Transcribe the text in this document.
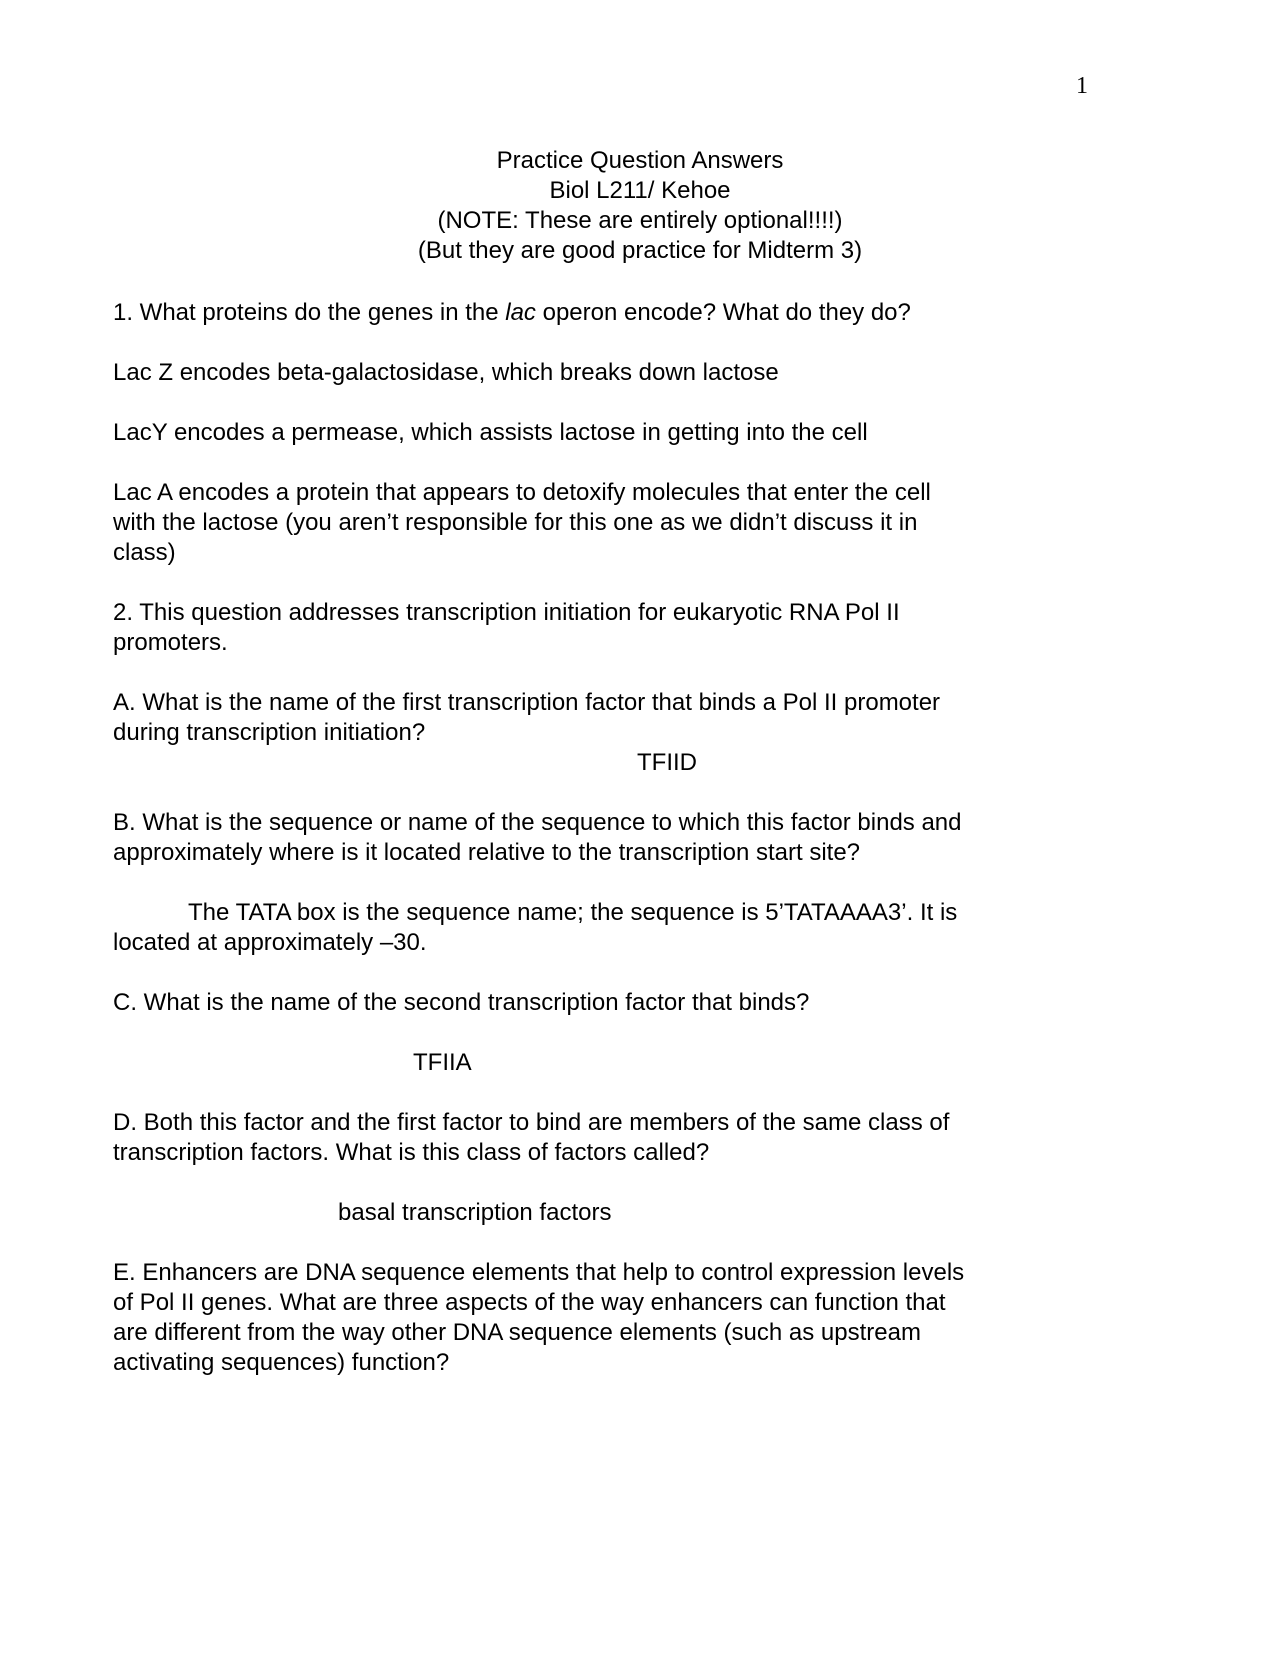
1
Practice Question Answers
Biol L211/ Kehoe
(NOTE: These are entirely optional!!!!)
(But they are good practice for Midterm 3)

1. What proteins do the genes in the lac operon encode? What do they do?

Lac Z encodes beta-galactosidase, which breaks down lactose

LacY encodes a permease, which assists lactose in getting into the cell

Lac A encodes a protein that appears to detoxify molecules that enter the cell
with the lactose (you aren’t responsible for this one as we didn’t discuss it in
class)

2. This question addresses transcription initiation for eukaryotic RNA Pol II
promoters.

A. What is the name of the first transcription factor that binds a Pol II promoter
during transcription initiation?
TFIID

B. What is the sequence or name of the sequence to which this factor binds and
approximately where is it located relative to the transcription start site?

The TATA box is the sequence name; the sequence is 5’TATAAAA3’. It is
located at approximately –30.

C. What is the name of the second transcription factor that binds?

TFIIA

D. Both this factor and the first factor to bind are members of the same class of
transcription factors. What is this class of factors called?

basal transcription factors

E. Enhancers are DNA sequence elements that help to control expression levels
of Pol II genes. What are three aspects of the way enhancers can function that
are different from the way other DNA sequence elements (such as upstream
activating sequences) function?
